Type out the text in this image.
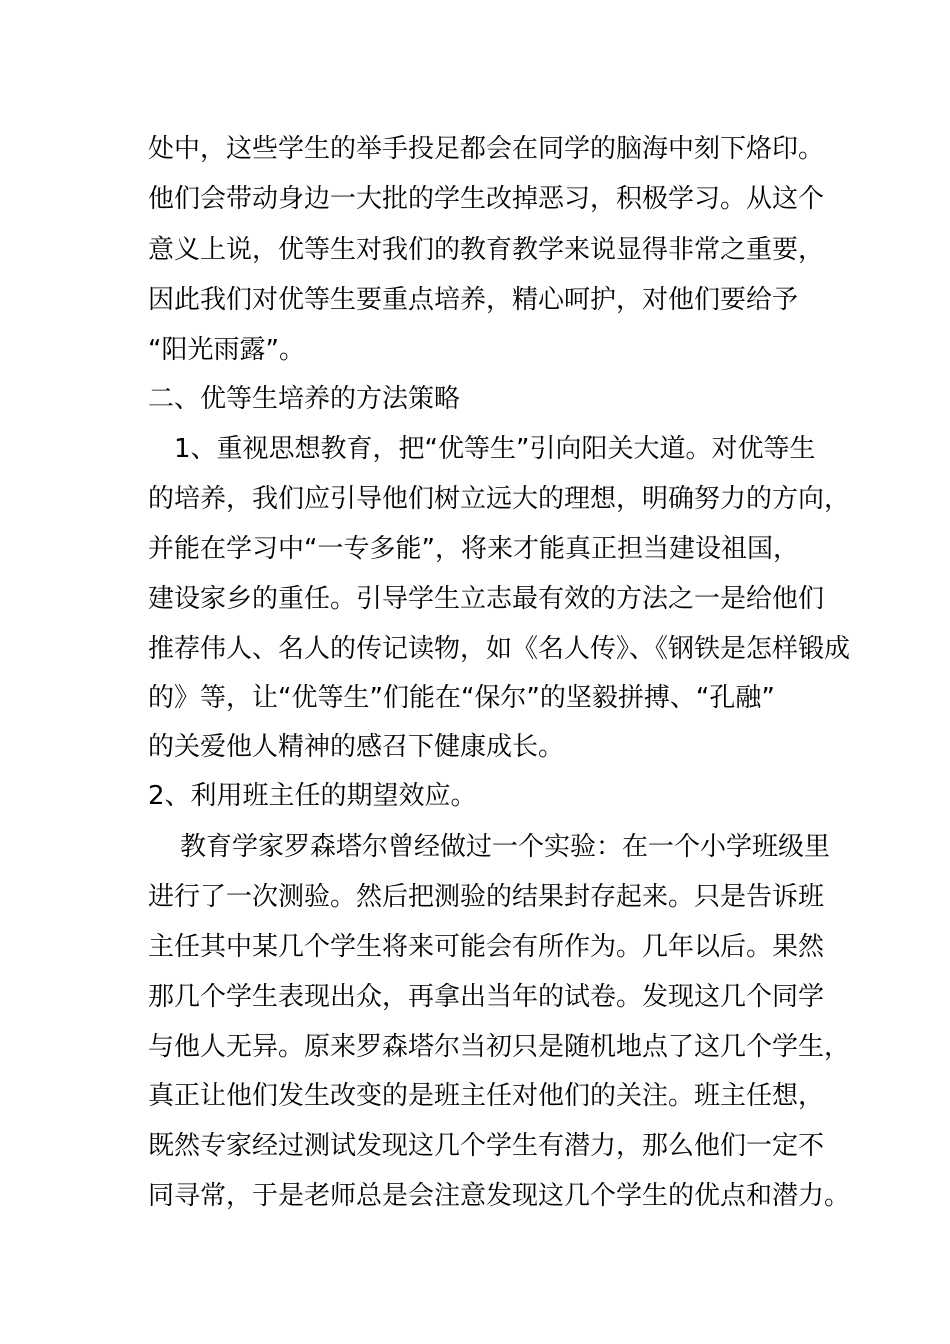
处中，这些学生的举手投足都会在同学的脑海中刻下烙印。
他们会带动身边一大批的学生改掉恶习，积极学习。从这个
意义上说，优等生对我们的教育教学来说显得非常之重要，
因此我们对优等生要重点培养，精心呵护，对他们要给予
“阳光雨露”。
二、优等生培养的方法策略
1、重视思想教育，把“优等生”引向阳关大道。对优等生
的培养，我们应引导他们树立远大的理想，明确努力的方向，
并能在学习中“一专多能”，将来才能真正担当建设祖国，
建设家乡的重任。引导学生立志最有效的方法之一是给他们
推荐伟人、名人的传记读物，如《名人传》、《钢铁是怎样锻成
的》等，让“优等生”们能在“保尔”的坚毅拼搏、“孔融”
的关爱他人精神的感召下健康成长。
2、利用班主任的期望效应。
教育学家罗森塔尔曾经做过一个实验：在一个小学班级里
进行了一次测验。然后把测验的结果封存起来。只是告诉班
主任其中某几个学生将来可能会有所作为。几年以后。果然
那几个学生表现出众，再拿出当年的试卷。发现这几个同学
与他人无异。原来罗森塔尔当初只是随机地点了这几个学生，
真正让他们发生改变的是班主任对他们的关注。班主任想，
既然专家经过测试发现这几个学生有潜力，那么他们一定不
同寻常，于是老师总是会注意发现这几个学生的优点和潜力。
